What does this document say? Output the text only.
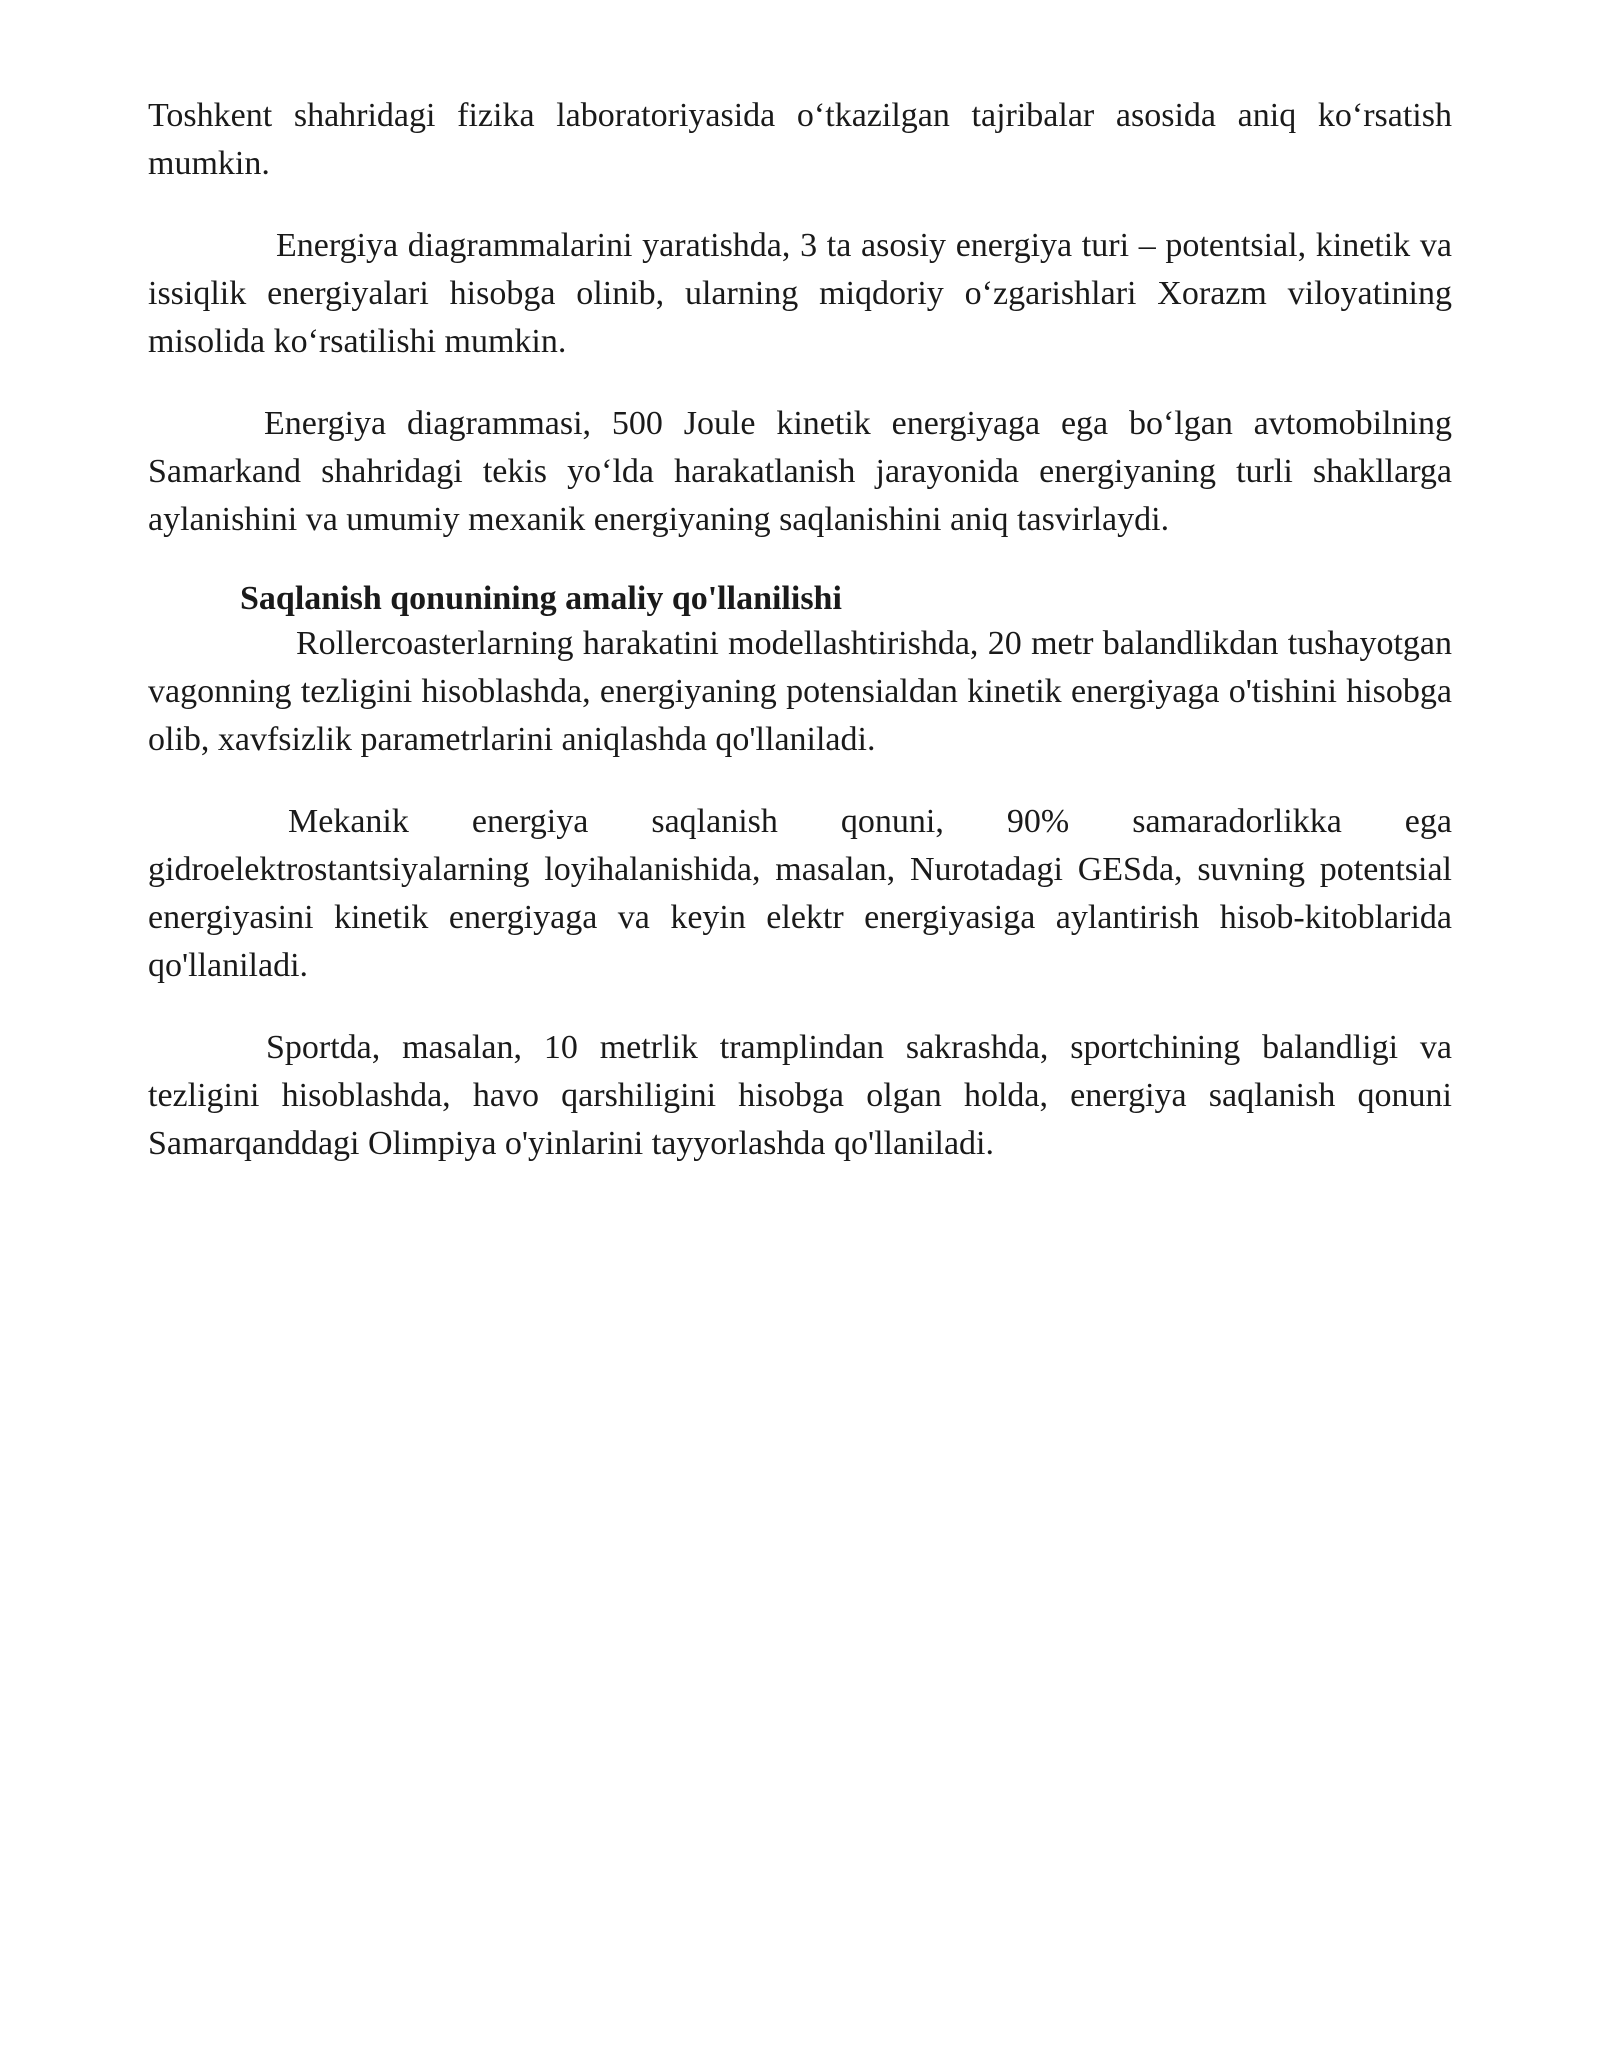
Toshkent shahridagi fizika laboratoriyasida o‘tkazilgan tajribalar asosida aniq ko‘rsatish mumkin.

Energiya diagrammalarini yaratishda, 3 ta asosiy energiya turi – potentsial, kinetik va issiqlik energiyalari hisobga olinib, ularning miqdoriy o‘zgarishlari Xorazm viloyatining misolida ko‘rsatilishi mumkin.

Energiya diagrammasi, 500 Joule kinetik energiyaga ega bo‘lgan avtomobilning Samarkand shahridagi tekis yo‘lda harakatlanish jarayonida energiyaning turli shakllarga aylanishini va umumiy mexanik energiyaning saqlanishini aniq tasvirlaydi.

Saqlanish qonunining amaliy qo'llanilishi

Rollercoasterlarning harakatini modellashtirishda, 20 metr balandlikdan tushayotgan vagonning tezligini hisoblashda, energiyaning potensialdan kinetik energiyaga o'tishini hisobga olib, xavfsizlik parametrlarini aniqlashda qo'llaniladi.

Mekanik energiya saqlanish qonuni, 90% samaradorlikka ega gidroelektrostantsiyalarning loyihalanishida, masalan, Nurotadagi GESda, suvning potentsial energiyasini kinetik energiyaga va keyin elektr energiyasiga aylantirish hisob-kitoblarida qo'llaniladi.

Sportda, masalan, 10 metrlik tramplindan sakrashda, sportchining balandligi va tezligini hisoblashda, havo qarshiligini hisobga olgan holda, energiya saqlanish qonuni Samarqanddagi Olimpiya o'yinlarini tayyorlashda qo'llaniladi.
